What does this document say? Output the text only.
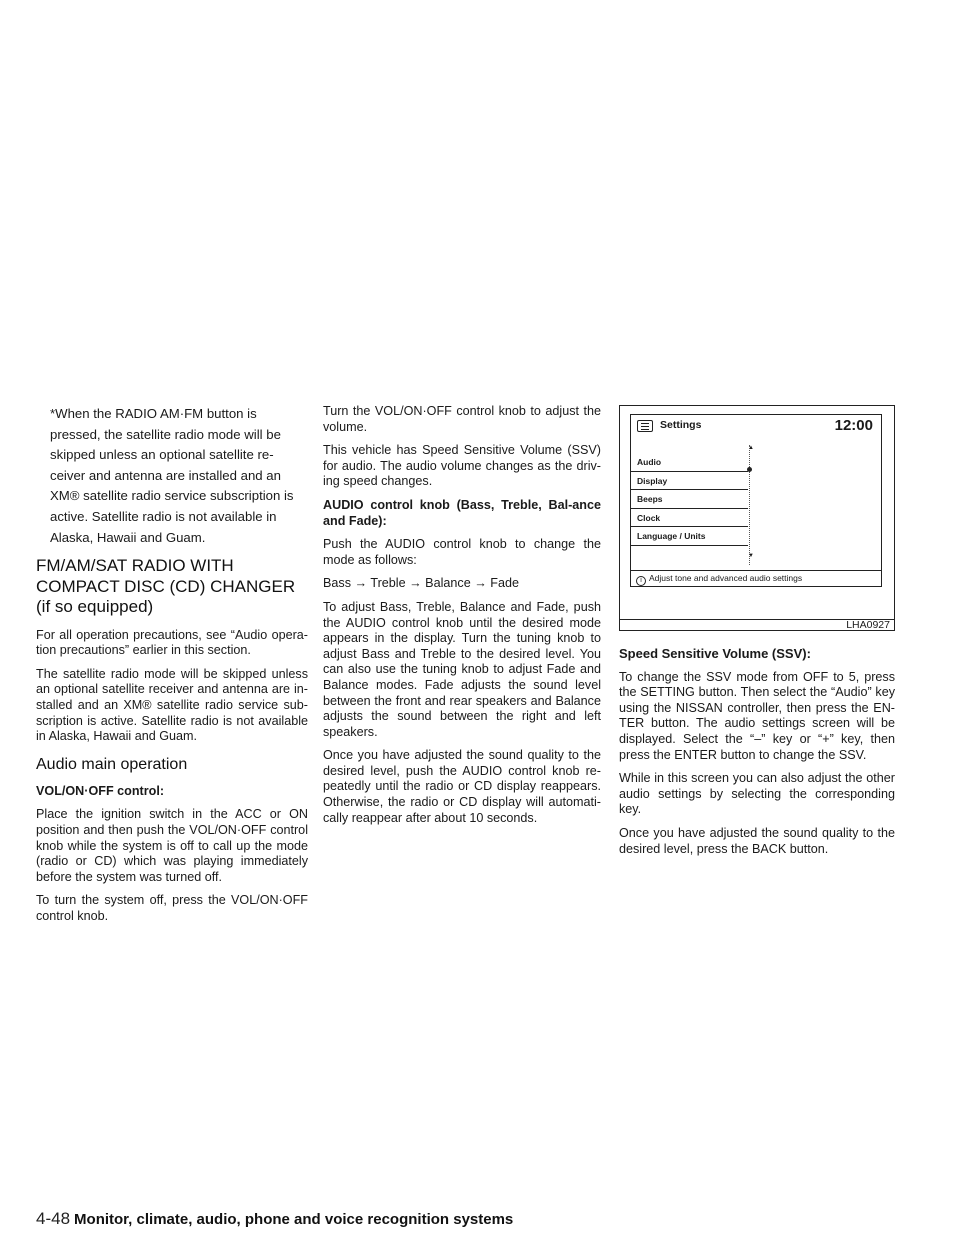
*When the RADIO AM·FM button is pressed, the satellite radio mode will be skipped unless an optional satellite re-ceiver and antenna are installed and an XM® satellite radio service subscription is active. Satellite radio is not available in Alaska, Hawaii and Guam.

FM/AM/SAT RADIO WITH COMPACT DISC (CD) CHANGER (if so equipped)

For all operation precautions, see “Audio opera-tion precautions” earlier in this section.

The satellite radio mode will be skipped unless an optional satellite receiver and antenna are in-stalled and an XM® satellite radio service sub-scription is active. Satellite radio is not available in Alaska, Hawaii and Guam.

Audio main operation

VOL/ON·OFF control:

Place the ignition switch in the ACC or ON position and then push the VOL/ON·OFF control knob while the system is off to call up the mode (radio or CD) which was playing immediately before the system was turned off.

To turn the system off, press the VOL/ON·OFF control knob.

Turn the VOL/ON·OFF control knob to adjust the volume.

This vehicle has Speed Sensitive Volume (SSV) for audio. The audio volume changes as the driv-ing speed changes.

AUDIO control knob (Bass, Treble, Bal-ance and Fade):

Push the AUDIO control knob to change the mode as follows:

Bass → Treble → Balance → Fade

To adjust Bass, Treble, Balance and Fade, push the AUDIO control knob until the desired mode appears in the display. Turn the tuning knob to adjust Bass and Treble to the desired level. You can also use the tuning knob to adjust Fade and Balance modes. Fade adjusts the sound level between the front and rear speakers and Balance adjusts the sound between the right and left speakers.

Once you have adjusted the sound quality to the desired level, push the AUDIO control knob re-peatedly until the radio or CD display reappears. Otherwise, the radio or CD display will automati-cally reappear after about 10 seconds.

Settings	12:00
Audio
Display
Beeps
Clock
Language / Units
▲
▼
i Adjust tone and advanced audio settings
LHA0927

Speed Sensitive Volume (SSV):

To change the SSV mode from OFF to 5, press the SETTING button. Then select the “Audio” key using the NISSAN controller, then press the EN-TER button. The audio settings screen will be displayed. Select the “–” key or “+” key, then press the ENTER button to change the SSV.

While in this screen you can also adjust the other audio settings by selecting the corresponding key.

Once you have adjusted the sound quality to the desired level, press the BACK button.

4-48 Monitor, climate, audio, phone and voice recognition systems
